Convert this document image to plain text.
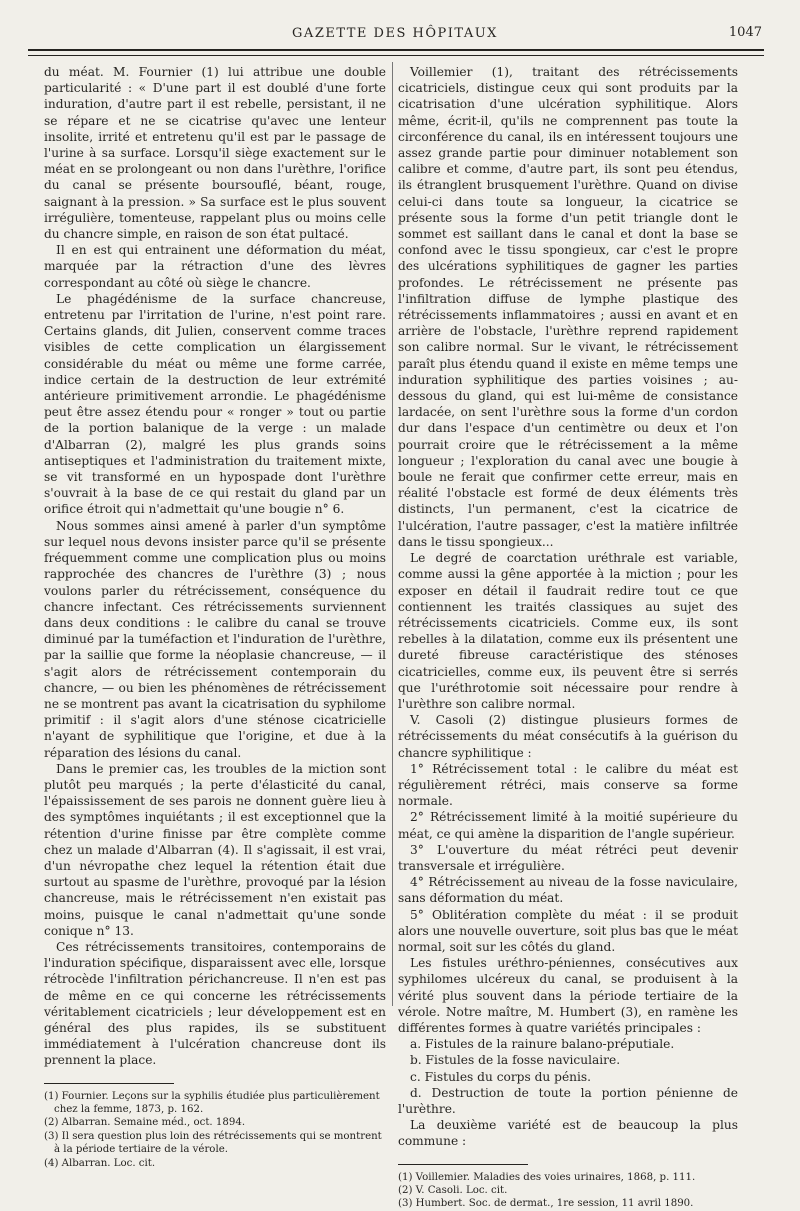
GAZETTE DES HÔPITAUX	1047

du méat. M. Fournier (1) lui attribue une double particularité : « D'une part il est doublé d'une forte induration, d'autre part il est rebelle, persistant, il ne se répare et ne se cicatrise qu'avec une lenteur insolite, irrité et entretenu qu'il est par le passage de l'urine à sa surface. Lorsqu'il siège exactement sur le méat en se prolongeant ou non dans l'urèthre, l'orifice du canal se présente boursouflé, béant, rouge, saignant à la pression. » Sa surface est le plus souvent irrégulière, tomenteuse, rappelant plus ou moins celle du chancre simple, en raison de son état pultacé.

Il en est qui entrainent une déformation du méat, marquée par la rétraction d'une des lèvres correspondant au côté où siège le chancre.

Le phagédénisme de la surface chancreuse, entretenu par l'irritation de l'urine, n'est point rare. Certains glands, dit Julien, conservent comme traces visibles de cette complication un élargissement considérable du méat ou même une forme carrée, indice certain de la destruction de leur extrémité antérieure primitivement arrondie. Le phagédénisme peut être assez étendu pour « ronger » tout ou partie de la portion balanique de la verge : un malade d'Albarran (2), malgré les plus grands soins antiseptiques et l'administration du traitement mixte, se vit transformé en un hypospade dont l'urèthre s'ouvrait à la base de ce qui restait du gland par un orifice étroit qui n'admettait qu'une bougie n° 6.

Nous sommes ainsi amené à parler d'un symptôme sur lequel nous devons insister parce qu'il se présente fréquemment comme une complication plus ou moins rapprochée des chancres de l'urèthre (3) ; nous voulons parler du rétrécissement, conséquence du chancre infectant. Ces rétrécissements surviennent dans deux conditions : le calibre du canal se trouve diminué par la tuméfaction et l'induration de l'urèthre, par la saillie que forme la néoplasie chancreuse, — il s'agit alors de rétrécissement contemporain du chancre, — ou bien les phénomènes de rétrécissement ne se montrent pas avant la cicatrisation du syphilome primitif : il s'agit alors d'une sténose cicatricielle n'ayant de syphilitique que l'origine, et due à la réparation des lésions du canal.

Dans le premier cas, les troubles de la miction sont plutôt peu marqués ; la perte d'élasticité du canal, l'épaississement de ses parois ne donnent guère lieu à des symptômes inquiétants ; il est exceptionnel que la rétention d'urine finisse par être complète comme chez un malade d'Albarran (4). Il s'agissait, il est vrai, d'un névropathe chez lequel la rétention était due surtout au spasme de l'urèthre, provoqué par la lésion chancreuse, mais le rétrécissement n'en existait pas moins, puisque le canal n'admettait qu'une sonde conique n° 13.

Ces rétrécissements transitoires, contemporains de l'induration spécifique, disparaissent avec elle, lorsque rétrocède l'infiltration périchancreuse. Il n'en est pas de même en ce qui concerne les rétrécissements véritablement cicatriciels ; leur développement est en général des plus rapides, ils se substituent immédiatement à l'ulcération chancreuse dont ils prennent la place.

(1) Fournier. Leçons sur la syphilis étudiée plus particulièrement chez la femme, 1873, p. 162.

(2) Albarran. Semaine méd., oct. 1894.

(3) Il sera question plus loin des rétrécissements qui se montrent à la période tertiaire de la vérole.

(4) Albarran. Loc. cit.

Voillemier (1), traitant des rétrécissements cicatriciels, distingue ceux qui sont produits par la cicatrisation d'une ulcération syphilitique. Alors même, écrit-il, qu'ils ne comprennent pas toute la circonférence du canal, ils en intéressent toujours une assez grande partie pour diminuer notablement son calibre et comme, d'autre part, ils sont peu étendus, ils étranglent brusquement l'urèthre. Quand on divise celui-ci dans toute sa longueur, la cicatrice se présente sous la forme d'un petit triangle dont le sommet est saillant dans le canal et dont la base se confond avec le tissu spongieux, car c'est le propre des ulcérations syphilitiques de gagner les parties profondes. Le rétrécissement ne présente pas l'infiltration diffuse de lymphe plastique des rétrécissements inflammatoires ; aussi en avant et en arrière de l'obstacle, l'urèthre reprend rapidement son calibre normal. Sur le vivant, le rétrécissement paraît plus étendu quand il existe en même temps une induration syphilitique des parties voisines ; au-dessous du gland, qui est lui-même de consistance lardacée, on sent l'urèthre sous la forme d'un cordon dur dans l'espace d'un centimètre ou deux et l'on pourrait croire que le rétrécissement a la même longueur ; l'exploration du canal avec une bougie à boule ne ferait que confirmer cette erreur, mais en réalité l'obstacle est formé de deux éléments très distincts, l'un permanent, c'est la cicatrice de l'ulcération, l'autre passager, c'est la matière infiltrée dans le tissu spongieux...

Le degré de coarctation uréthrale est variable, comme aussi la gêne apportée à la miction ; pour les exposer en détail il faudrait redire tout ce que contiennent les traités classiques au sujet des rétrécissements cicatriciels. Comme eux, ils sont rebelles à la dilatation, comme eux ils présentent une dureté fibreuse caractéristique des sténoses cicatricielles, comme eux, ils peuvent être si serrés que l'uréthrotomie soit nécessaire pour rendre à l'urèthre son calibre normal.

V. Casoli (2) distingue plusieurs formes de rétrécissements du méat consécutifs à la guérison du chancre syphilitique :

1° Rétrécissement total : le calibre du méat est régulièrement rétréci, mais conserve sa forme normale.

2° Rétrécissement limité à la moitié supérieure du méat, ce qui amène la disparition de l'angle supérieur.

3° L'ouverture du méat rétréci peut devenir transversale et irrégulière.

4° Rétrécissement au niveau de la fosse naviculaire, sans déformation du méat.

5° Oblitération complète du méat : il se produit alors une nouvelle ouverture, soit plus bas que le méat normal, soit sur les côtés du gland.

Les fistules uréthro-péniennes, consécutives aux syphilomes ulcéreux du canal, se produisent à la vérité plus souvent dans la période tertiaire de la vérole. Notre maître, M. Humbert (3), en ramène les différentes formes à quatre variétés principales :

a. Fistules de la rainure balano-préputiale.

b. Fistules de la fosse naviculaire.

c. Fistules du corps du pénis.

d. Destruction de toute la portion pénienne de l'urèthre.

La deuxième variété est de beaucoup la plus commune :

(1) Voillemier. Maladies des voies urinaires, 1868, p. 111.

(2) V. Casoli. Loc. cit.

(3) Humbert. Soc. de dermat., 1re session, 11 avril 1890.
